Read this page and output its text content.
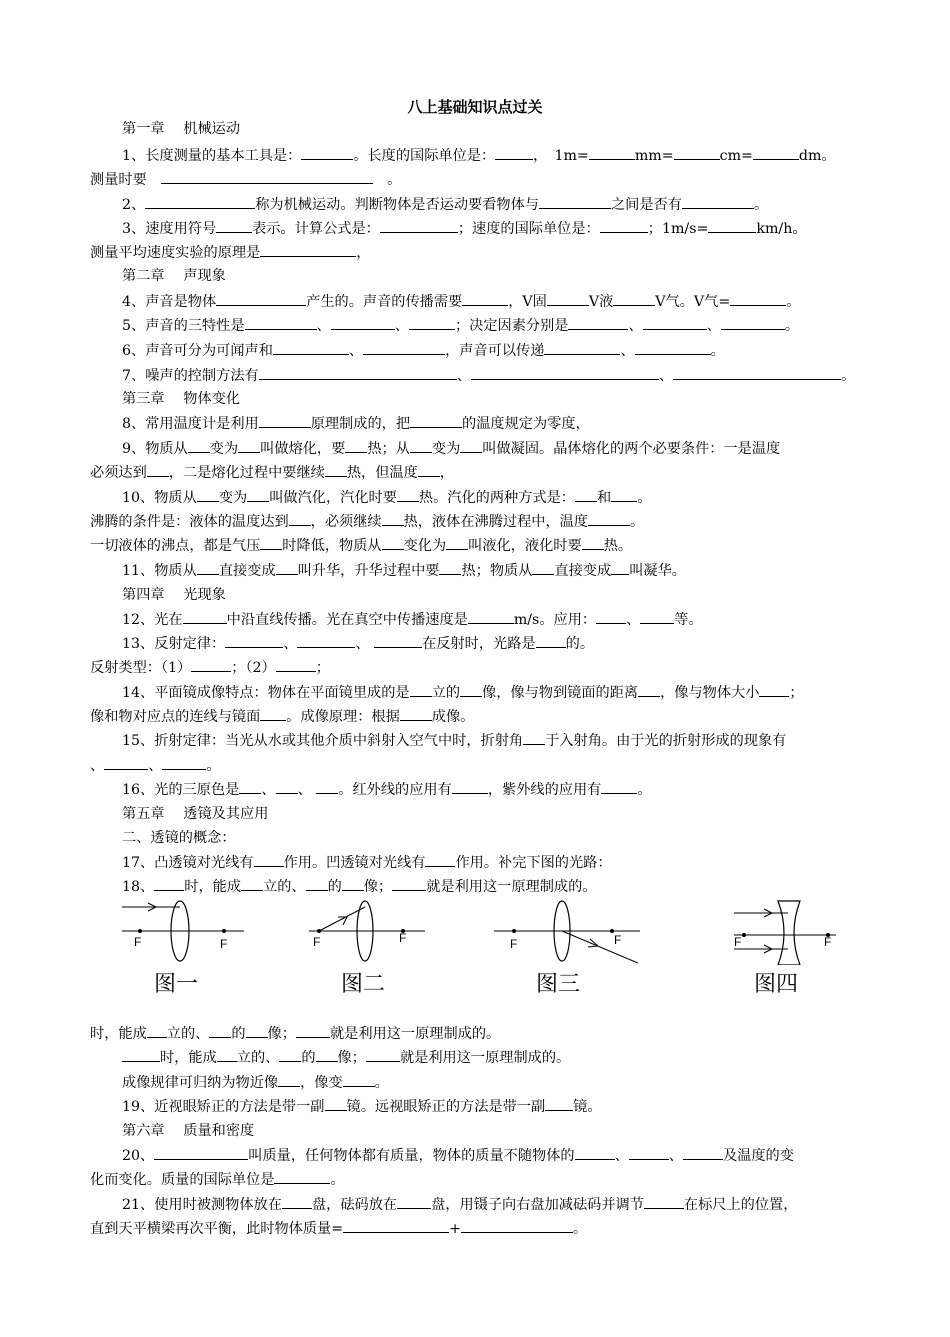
八上基础知识点过关
第一章　 机械运动
1、长度测量的基本工具是：	。长度的国际单位是：	，　1m=	mm=	cm=	dm。
测量时要　　	。
2、	称为机械运动。判断物体是否运动要看物体与	之间是否有	。
3、速度用符号	表示。计算公式是：	；速度的国际单位是：	；1m/s=	km/h。
测量平均速度实验的原理是	，
第二章　 声现象
4、声音是物体	产生的。声音的传播需要	，V固	V液	V气。V气=	。
5、声音的三特性是	、	、	；决定因素分别是	、	、	。
6、声音可分为可闻声和	、	，声音可以传递	、	。
7、噪声的控制方法有	、	、	。
第三章　 物体变化
8、常用温度计是利用	原理制成的，把	的温度规定为零度，
9、物质从 变为 叫做熔化，要 热；从 变为 叫做凝固。晶体熔化的两个必要条件：一是温度
必须达到 ，二是熔化过程中要继续 热，但温度 ，
10、物质从 变为 叫做汽化，汽化时要 热。汽化的两种方式是： 和 。
沸腾的条件是：液体的温度达到 ，必须继续 热，液体在沸腾过程中，温度	。
一切液体的沸点，都是气压 时降低，物质从 变化为 叫液化，液化时要 热。
11、物质从 直接变成 叫升华，升华过程中要 热；物质从 直接变成 叫凝华。
第四章　 光现象
12、光在	中沿直线传播。光在真空中传播速度是	m/s。应用： 、 等。
13、反射定律：	、	、	在反射时，光路是 的。
反射类型：（1）	；（2）	；
14、平面镜成像特点：物体在平面镜里成的是 立的 像，像与物到镜面的距离 ，像与物体大小 ；
像和物对应点的连线与镜面 。成像原理：根据 成像。
15、折射定律：当光从水或其他介质中斜射入空气中时，折射角 于入射角。由于光的折射形成的现象有
、	、	。
16、光的三原色是 、 、 。红外线的应用有	，紫外线的应用有	。
第五章　 透镜及其应用
二、透镜的概念：
17、凸透镜对光线有 作用。凹透镜对光线有 作用。补完下图的光路：
18、 时，能成 立的、 的 像； 就是利用这一原理制成的。
F	F
图一
F	F
图二
F	F
图三
F	F
图四
时，能成 立的、 的 像； 就是利用这一原理制成的。
时，能成 立的、 的 像； 就是利用这一原理制成的。
成像规律可归纳为物近像 ，像变 。
19、近视眼矫正的方法是带一副 镜。远视眼矫正的方法是带一副 镜。
第六章　 质量和密度
20、	叫质量，任何物体都有质量，物体的质量不随物体的	、	、	及温度的变
化而变化。质量的国际单位是	。
21、使用时被测物体放在 盘，砝码放在 盘，用镊子向右盘加减砝码并调节	在标尺上的位置，
直到天平横梁再次平衡，此时物体质量=	+	。
